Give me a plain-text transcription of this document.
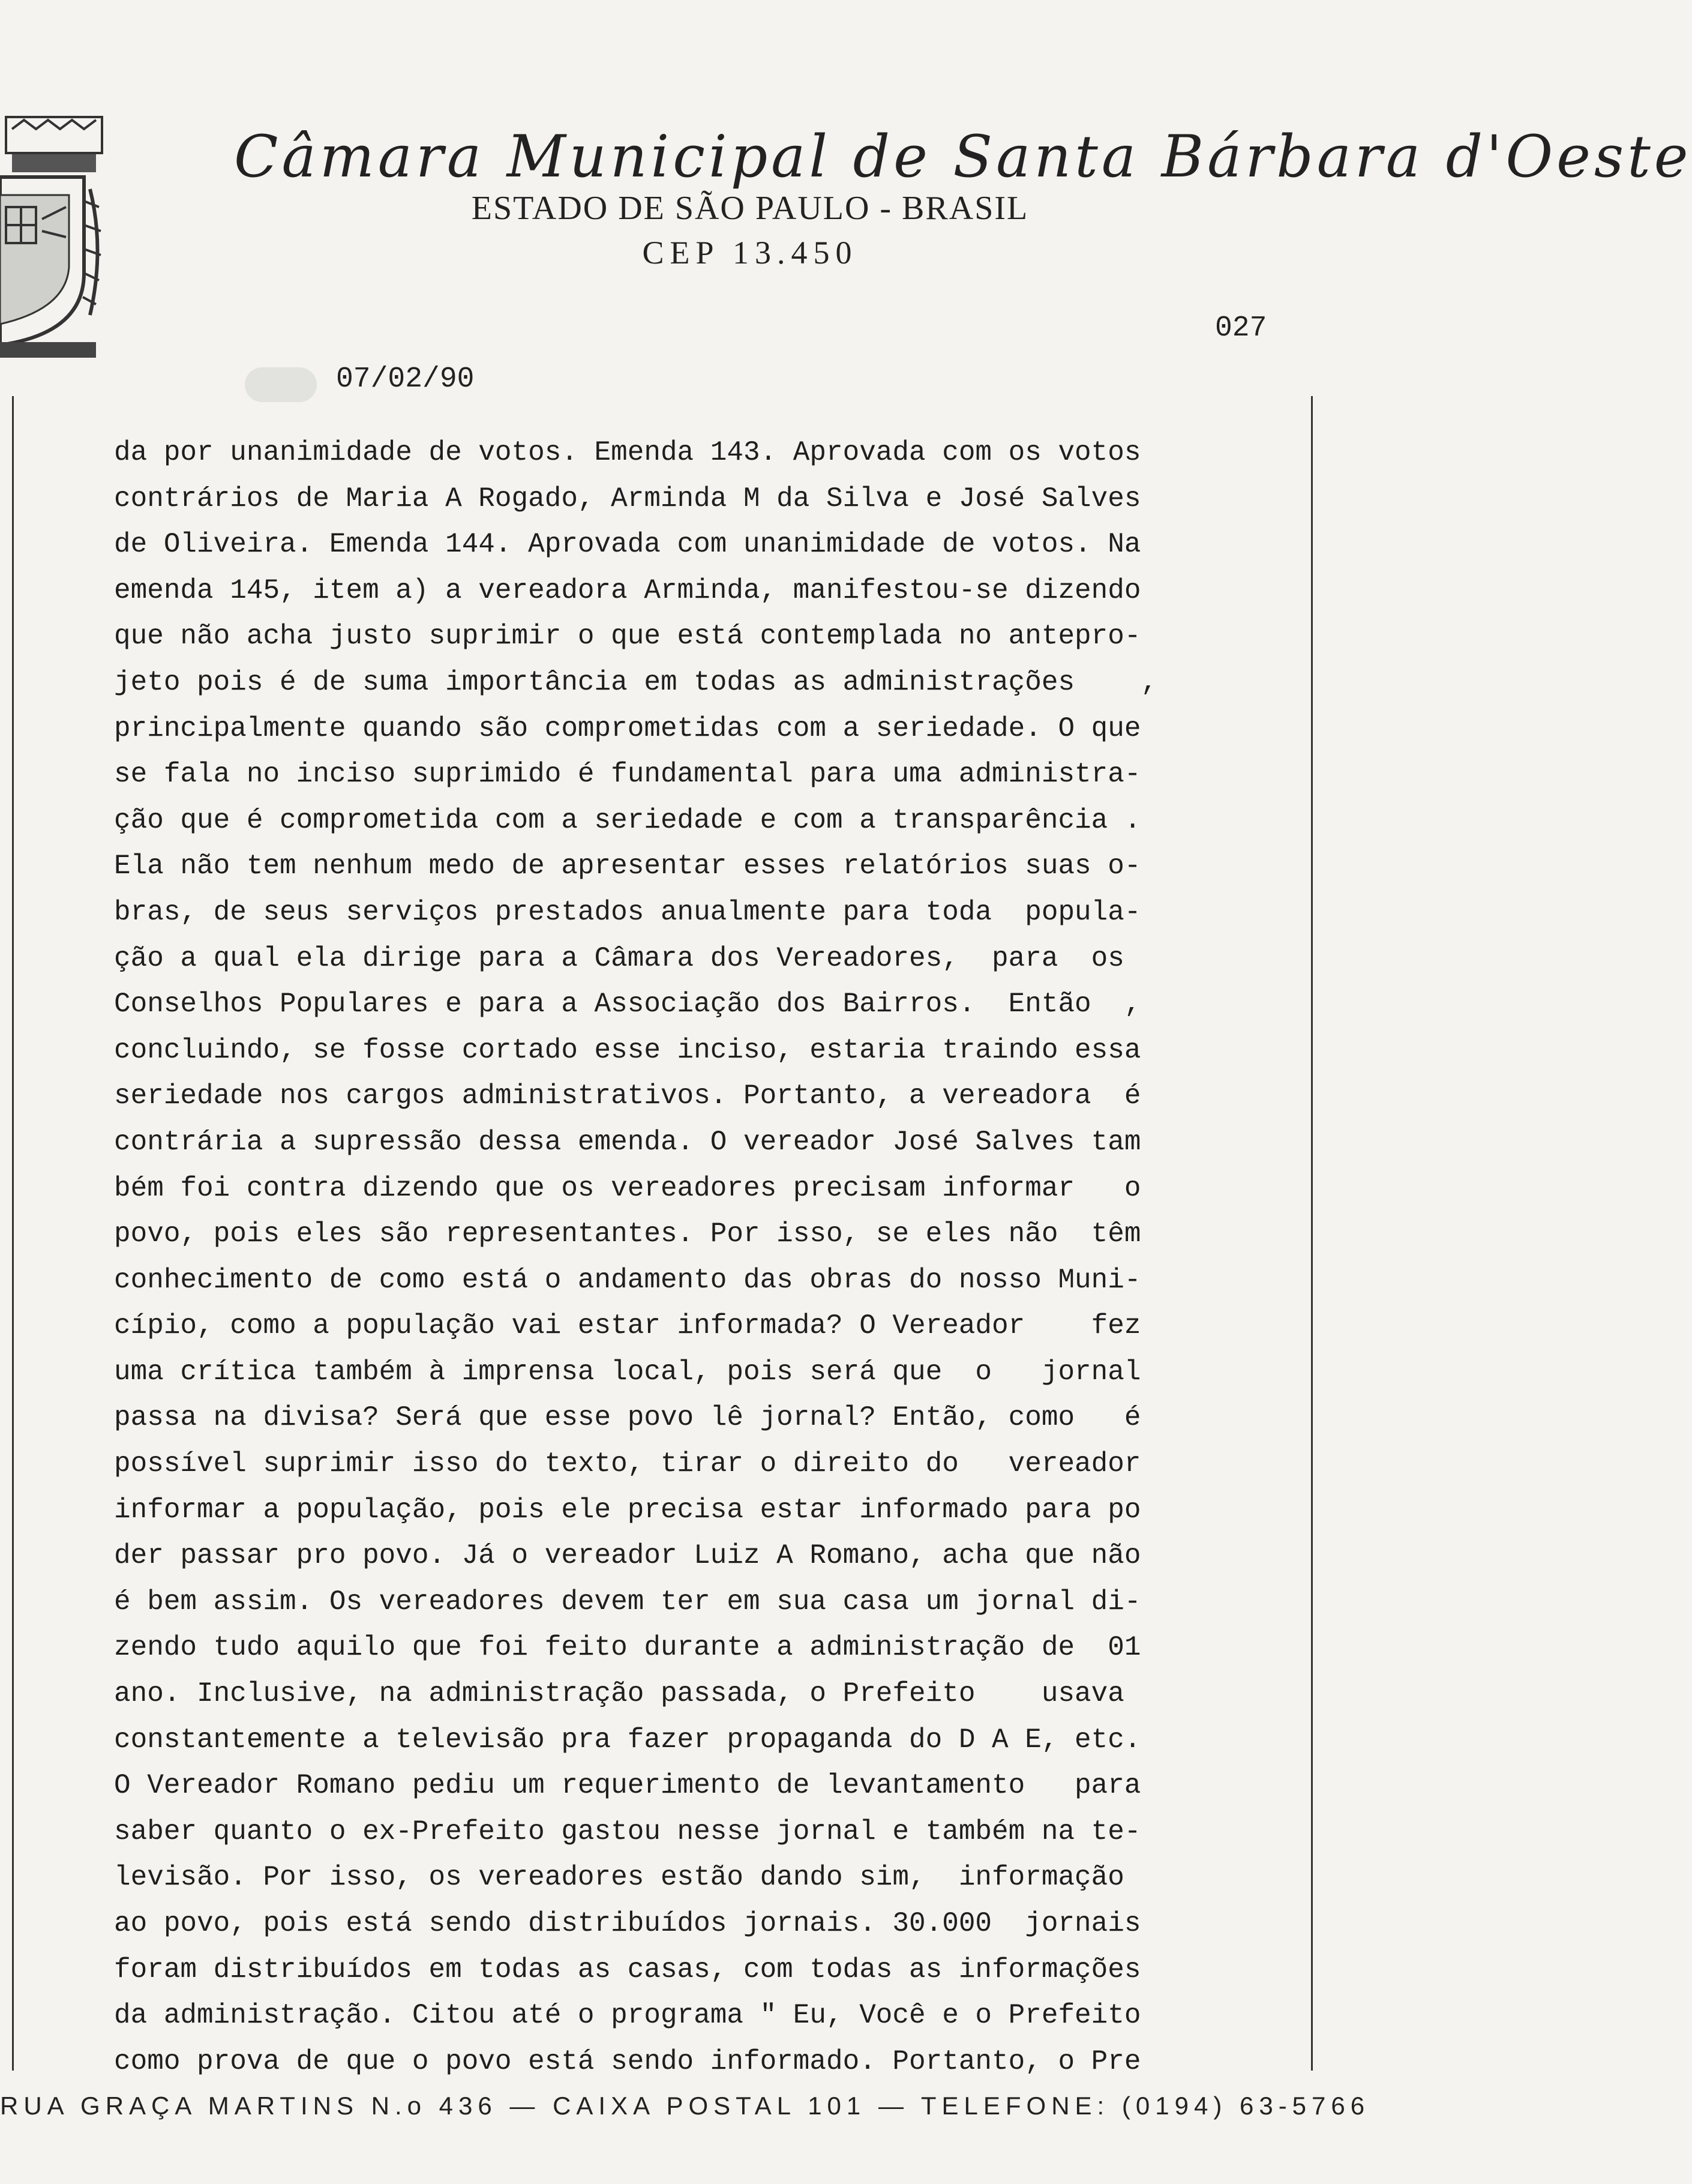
Câmara Municipal de Santa Bárbara d'Oeste
ESTADO DE SÃO PAULO - BRASIL
CEP 13.450
027
07/02/90
da por unanimidade de votos. Emenda 143. Aprovada com os votos
contrários de Maria A Rogado, Arminda M da Silva e José Salves
de Oliveira. Emenda 144. Aprovada com unanimidade de votos. Na
emenda 145, item a) a vereadora Arminda, manifestou-se dizendo
que não acha justo suprimir o que está contemplada no antepro-
jeto pois é de suma importância em todas as administrações    ,
principalmente quando são comprometidas com a seriedade. O que
se fala no inciso suprimido é fundamental para uma administra-
ção que é comprometida com a seriedade e com a transparência .
Ela não tem nenhum medo de apresentar esses relatórios suas o-
bras, de seus serviços prestados anualmente para toda  popula-
ção a qual ela dirige para a Câmara dos Vereadores,  para  os
Conselhos Populares e para a Associação dos Bairros.  Então  ,
concluindo, se fosse cortado esse inciso, estaria traindo essa
seriedade nos cargos administrativos. Portanto, a vereadora  é
contrária a supressão dessa emenda. O vereador José Salves tam
bém foi contra dizendo que os vereadores precisam informar   o
povo, pois eles são representantes. Por isso, se eles não  têm
conhecimento de como está o andamento das obras do nosso Muni-
cípio, como a população vai estar informada? O Vereador    fez
uma crítica também à imprensa local, pois será que  o   jornal
passa na divisa? Será que esse povo lê jornal? Então, como   é
possível suprimir isso do texto, tirar o direito do   vereador
informar a população, pois ele precisa estar informado para po
der passar pro povo. Já o vereador Luiz A Romano, acha que não
é bem assim. Os vereadores devem ter em sua casa um jornal di-
zendo tudo aquilo que foi feito durante a administração de  01
ano. Inclusive, na administração passada, o Prefeito    usava
constantemente a televisão pra fazer propaganda do D A E, etc.
O Vereador Romano pediu um requerimento de levantamento   para
saber quanto o ex-Prefeito gastou nesse jornal e também na te-
levisão. Por isso, os vereadores estão dando sim,  informação
ao povo, pois está sendo distribuídos jornais. 30.000  jornais
foram distribuídos em todas as casas, com todas as informações
da administração. Citou até o programa " Eu, Você e o Prefeito
como prova de que o povo está sendo informado. Portanto, o Pre
RUA GRAÇA MARTINS N.o 436 — CAIXA POSTAL 101 — TELEFONE: (0194) 63-5766
